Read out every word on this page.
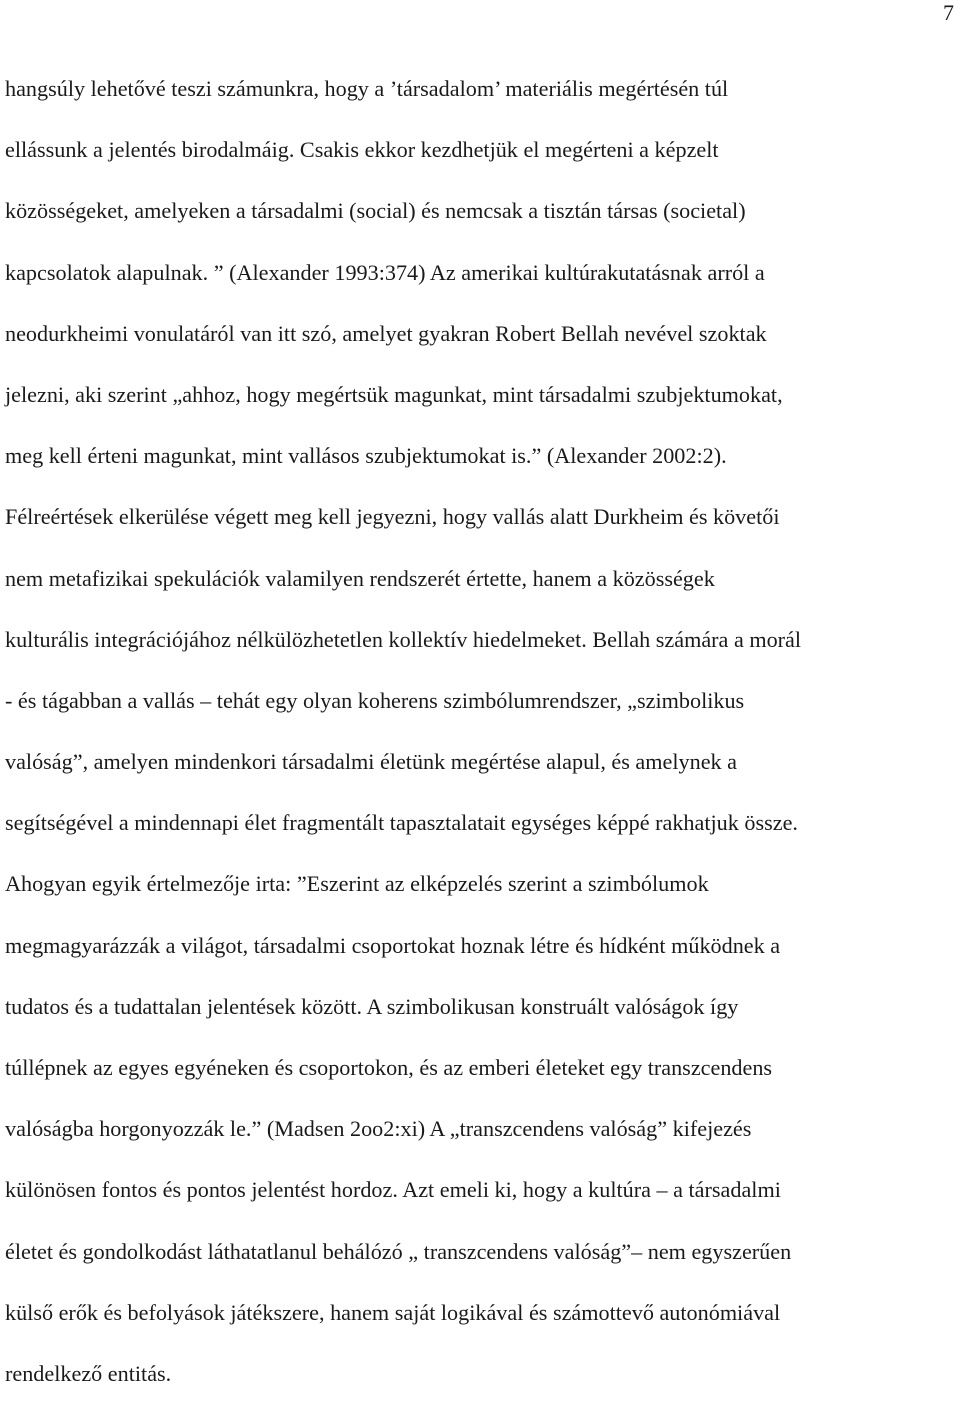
7
hangsúly lehetővé teszi számunkra, hogy a ’társadalom’ materiális megértésén túl
ellássunk a jelentés birodalmáig. Csakis ekkor kezdhetjük el megérteni a képzelt
közösségeket, amelyeken a társadalmi (social) és nemcsak a tisztán társas (societal)
kapcsolatok alapulnak. ” (Alexander 1993:374) Az amerikai kultúrakutatásnak arról a
neodurkheimi vonulatáról van itt szó, amelyet gyakran Robert Bellah nevével szoktak
jelezni, aki szerint „ahhoz, hogy megértsük magunkat, mint társadalmi szubjektumokat,
meg kell érteni magunkat, mint vallásos szubjektumokat is.” (Alexander 2002:2).
Félreértések elkerülése végett meg kell jegyezni, hogy vallás alatt Durkheim és követői
nem metafizikai spekulációk valamilyen rendszerét értette, hanem a közösségek
kulturális integrációjához nélkülözhetetlen kollektív hiedelmeket. Bellah számára a morál
- és tágabban a vallás – tehát egy olyan koherens szimbólumrendszer, „szimbolikus
valóság”, amelyen mindenkori társadalmi életünk megértése alapul, és amelynek a
segítségével a mindennapi élet fragmentált tapasztalatait egységes képpé rakhatjuk össze.
Ahogyan egyik értelmezője irta: ”Eszerint az elképzelés szerint a szimbólumok
megmagyarázzák a világot, társadalmi csoportokat hoznak létre és hídként működnek a
tudatos és a tudattalan jelentések között. A szimbolikusan konstruált valóságok így
túllépnek az egyes egyéneken és csoportokon, és az emberi életeket egy transzcendens
valóságba horgonyozzák le.” (Madsen 2oo2:xi) A „transzcendens valóság” kifejezés
különösen fontos és pontos jelentést hordoz. Azt emeli ki, hogy a kultúra – a társadalmi
életet és gondolkodást láthatatlanul behálózó „ transzcendens valóság”– nem egyszerűen
külső erők és befolyások játékszere, hanem saját logikával és számottevő autonómiával
rendelkező entitás.
